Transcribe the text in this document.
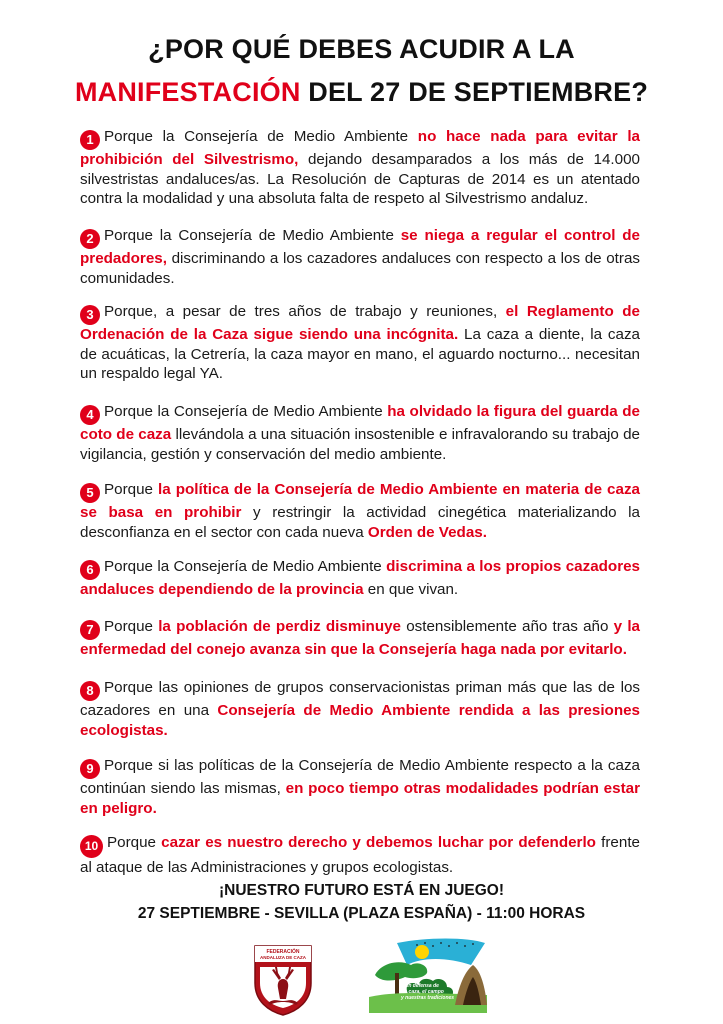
¿POR QUÉ DEBES ACUDIR A LA
MANIFESTACIÓN DEL 27 DE SEPTIEMBRE?
1 Porque la Consejería de Medio Ambiente no hace nada para evitar la prohibición del Silvestrismo, dejando desamparados a los más de 14.000 silvestristas andaluces/as. La Resolución de Capturas de 2014 es un atentado contra la modalidad y una absoluta falta de respeto al Silvestrismo andaluz.
2 Porque la Consejería de Medio Ambiente se niega a regular el control de predadores, discriminando a los cazadores andaluces con respecto a los de otras comunidades.
3 Porque, a pesar de tres años de trabajo y reuniones, el Reglamento de Ordenación de la Caza sigue siendo una incógnita. La caza a diente, la caza de acuáticas, la Cetrería, la caza mayor en mano, el aguardo nocturno... necesitan un respaldo legal YA.
4 Porque la Consejería de Medio Ambiente ha olvidado la figura del guarda de coto de caza llevándola a una situación insostenible e infravalorando su trabajo de vigilancia, gestión y conservación del medio ambiente.
5 Porque la política de la Consejería de Medio Ambiente en materia de caza se basa en prohibir y restringir la actividad cinegética materializando la desconfianza en el sector con cada nueva Orden de Vedas.
6 Porque la Consejería de Medio Ambiente discrimina a los propios cazadores andaluces dependiendo de la provincia en que vivan.
7 Porque la población de perdiz disminuye ostensiblemente año tras año y la enfermedad del conejo avanza sin que la Consejería haga nada por evitarlo.
8 Porque las opiniones de grupos conservacionistas priman más que las de los cazadores en una Consejería de Medio Ambiente rendida a las presiones ecologistas.
9 Porque si las políticas de la Consejería de Medio Ambiente respecto a la caza continúan siendo las mismas, en poco tiempo otras modalidades podrían estar en peligro.
10 Porque cazar es nuestro derecho y debemos luchar por defenderlo frente al ataque de las Administraciones y grupos ecologistas.
¡NUESTRO FUTURO ESTÁ EN JUEGO!
27 SEPTIEMBRE - SEVILLA (PLAZA ESPAÑA) - 11:00 HORAS
FEDERACIÓN
ANDALUZA DE CAZA
En defensa de
la caza, el campo
y nuestras tradiciones
